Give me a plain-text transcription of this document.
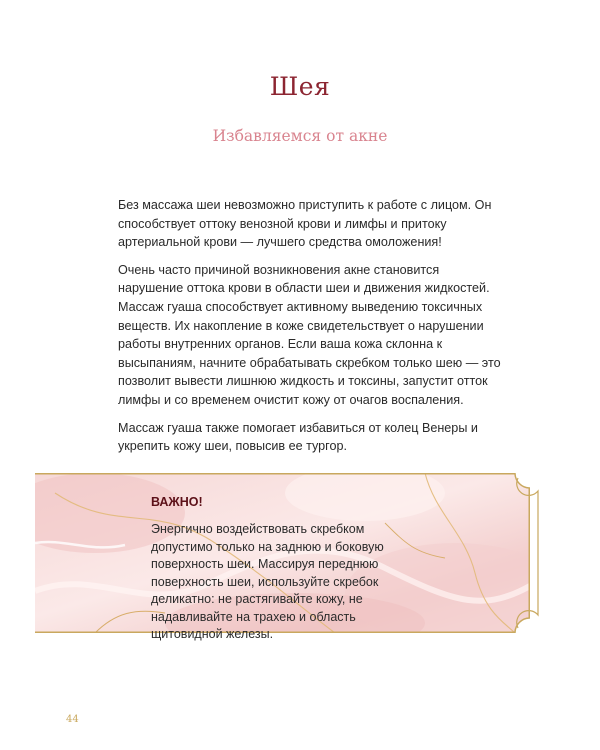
Шея
Избавляемся от акне

Без массажа шеи невозможно приступить к работе с лицом. Он способствует оттоку венозной крови и лимфы и притоку артериальной крови — лучшего средства омоложения!

Очень часто причиной возникновения акне становится нарушение оттока крови в области шеи и движения жидкостей. Массаж гуаша способствует активному выведению токсичных веществ. Их накопление в коже свидетельствует о нарушении работы внутренних органов. Если ваша кожа склонна к высыпаниям, начните обрабатывать скребком только шею — это позволит вывести лишнюю жидкость и токсины, запустит отток лимфы и со временем очистит кожу от очагов воспаления.

Массаж гуаша также помогает избавиться от колец Венеры и укрепить кожу шеи, повысив ее тургор.

ВАЖНО!
Энергично воздействовать скребком допустимо только на заднюю и боковую поверхность шеи. Массируя переднюю поверхность шеи, используйте скребок деликатно: не растягивайте кожу, не надавливайте на трахею и область щитовидной железы.
44
